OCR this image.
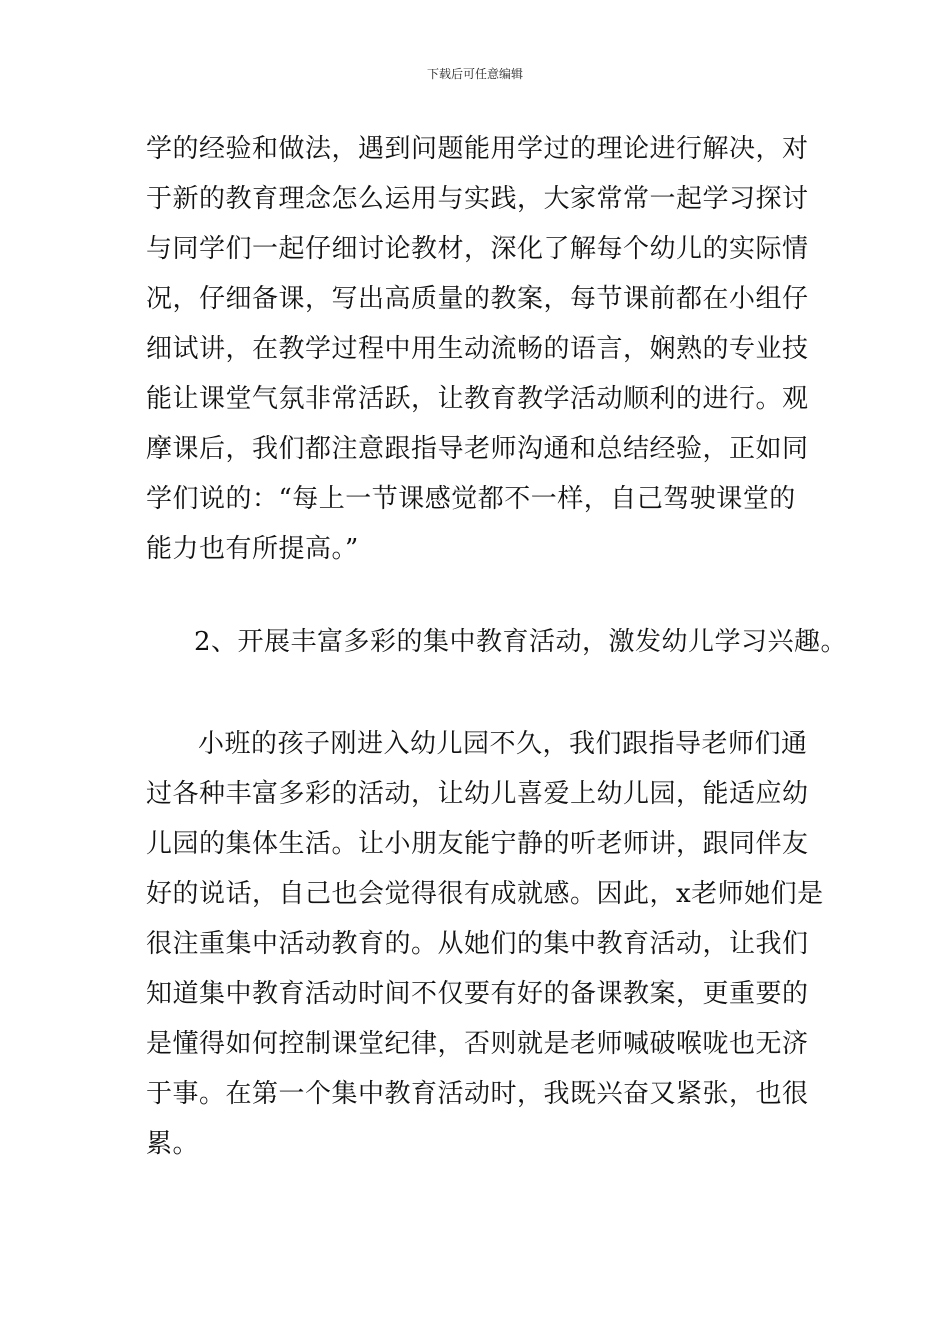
下载后可任意编辑
学的经验和做法，遇到问题能用学过的理论进行解决，对
于新的教育理念怎么运用与实践，大家常常一起学习探讨
与同学们一起仔细讨论教材，深化了解每个幼儿的实际情
况，仔细备课，写出高质量的教案，每节课前都在小组仔
细试讲，在教学过程中用生动流畅的语言，娴熟的专业技
能让课堂气氛非常活跃，让教育教学活动顺利的进行。观
摩课后，我们都注意跟指导老师沟通和总结经验，正如同
学们说的：“每上一节课感觉都不一样，自己驾驶课堂的
能力也有所提高。”
2、开展丰富多彩的集中教育活动，激发幼儿学习兴趣。
小班的孩子刚进入幼儿园不久，我们跟指导老师们通
过各种丰富多彩的活动，让幼儿喜爱上幼儿园，能适应幼
儿园的集体生活。让小朋友能宁静的听老师讲，跟同伴友
好的说话，自己也会觉得很有成就感。因此，x老师她们是
很注重集中活动教育的。从她们的集中教育活动，让我们
知道集中教育活动时间不仅要有好的备课教案，更重要的
是懂得如何控制课堂纪律，否则就是老师喊破喉咙也无济
于事。在第一个集中教育活动时，我既兴奋又紧张，也很
累。
